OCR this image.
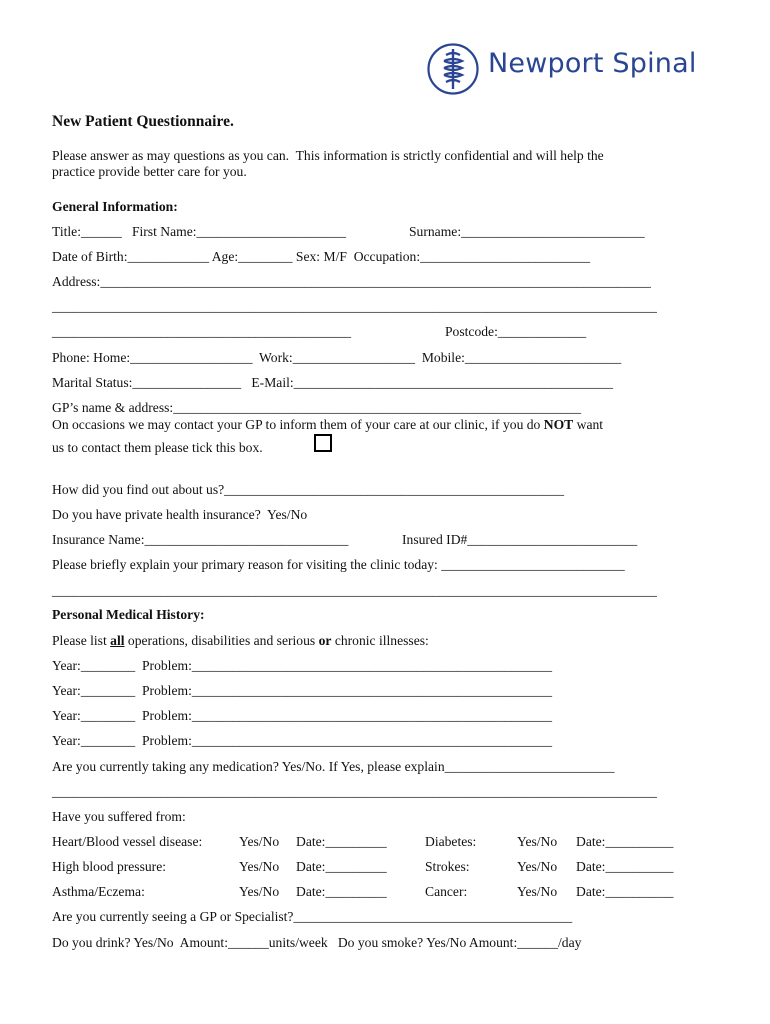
Newport Spinal
New Patient Questionnaire.
Please answer as may questions as you can.  This information is strictly confidential and will help the
practice provide better care for you.
General Information:
Title:______   First Name:______________________	Surname:___________________________
Date of Birth:____________ Age:________ Sex: M/F  Occupation:_________________________
Address:_________________________________________________________________________________
_________________________________________________________________________________________
____________________________________________	Postcode:_____________
Phone: Home:__________________  Work:__________________  Mobile:_______________________
Marital Status:________________   E-Mail:_______________________________________________
GP’s name & address:____________________________________________________________
On occasions we may contact your GP to inform them of your care at our clinic, if you do NOT want
us to contact them please tick this box.
How did you find out about us?__________________________________________________
Do you have private health insurance?  Yes/No
Insurance Name:______________________________	Insured ID#_________________________
Please briefly explain your primary reason for visiting the clinic today: ___________________________
_________________________________________________________________________________________
Personal Medical History:
Please list all operations, disabilities and serious or chronic illnesses:
Year:________  Problem:_____________________________________________________
Year:________  Problem:_____________________________________________________
Year:________  Problem:_____________________________________________________
Year:________  Problem:_____________________________________________________
Are you currently taking any medication? Yes/No. If Yes, please explain_________________________
_________________________________________________________________________________________
Have you suffered from:
Heart/Blood vessel disease:	Yes/No Date:_________	Diabetes:	Yes/No Date:__________
High blood pressure:	Yes/No Date:_________	Strokes:	Yes/No Date:__________
Asthma/Eczema:	Yes/No Date:_________	Cancer:	Yes/No Date:__________
Are you currently seeing a GP or Specialist?_________________________________________
Do you drink? Yes/No  Amount:______units/week   Do you smoke? Yes/No Amount:______/day
